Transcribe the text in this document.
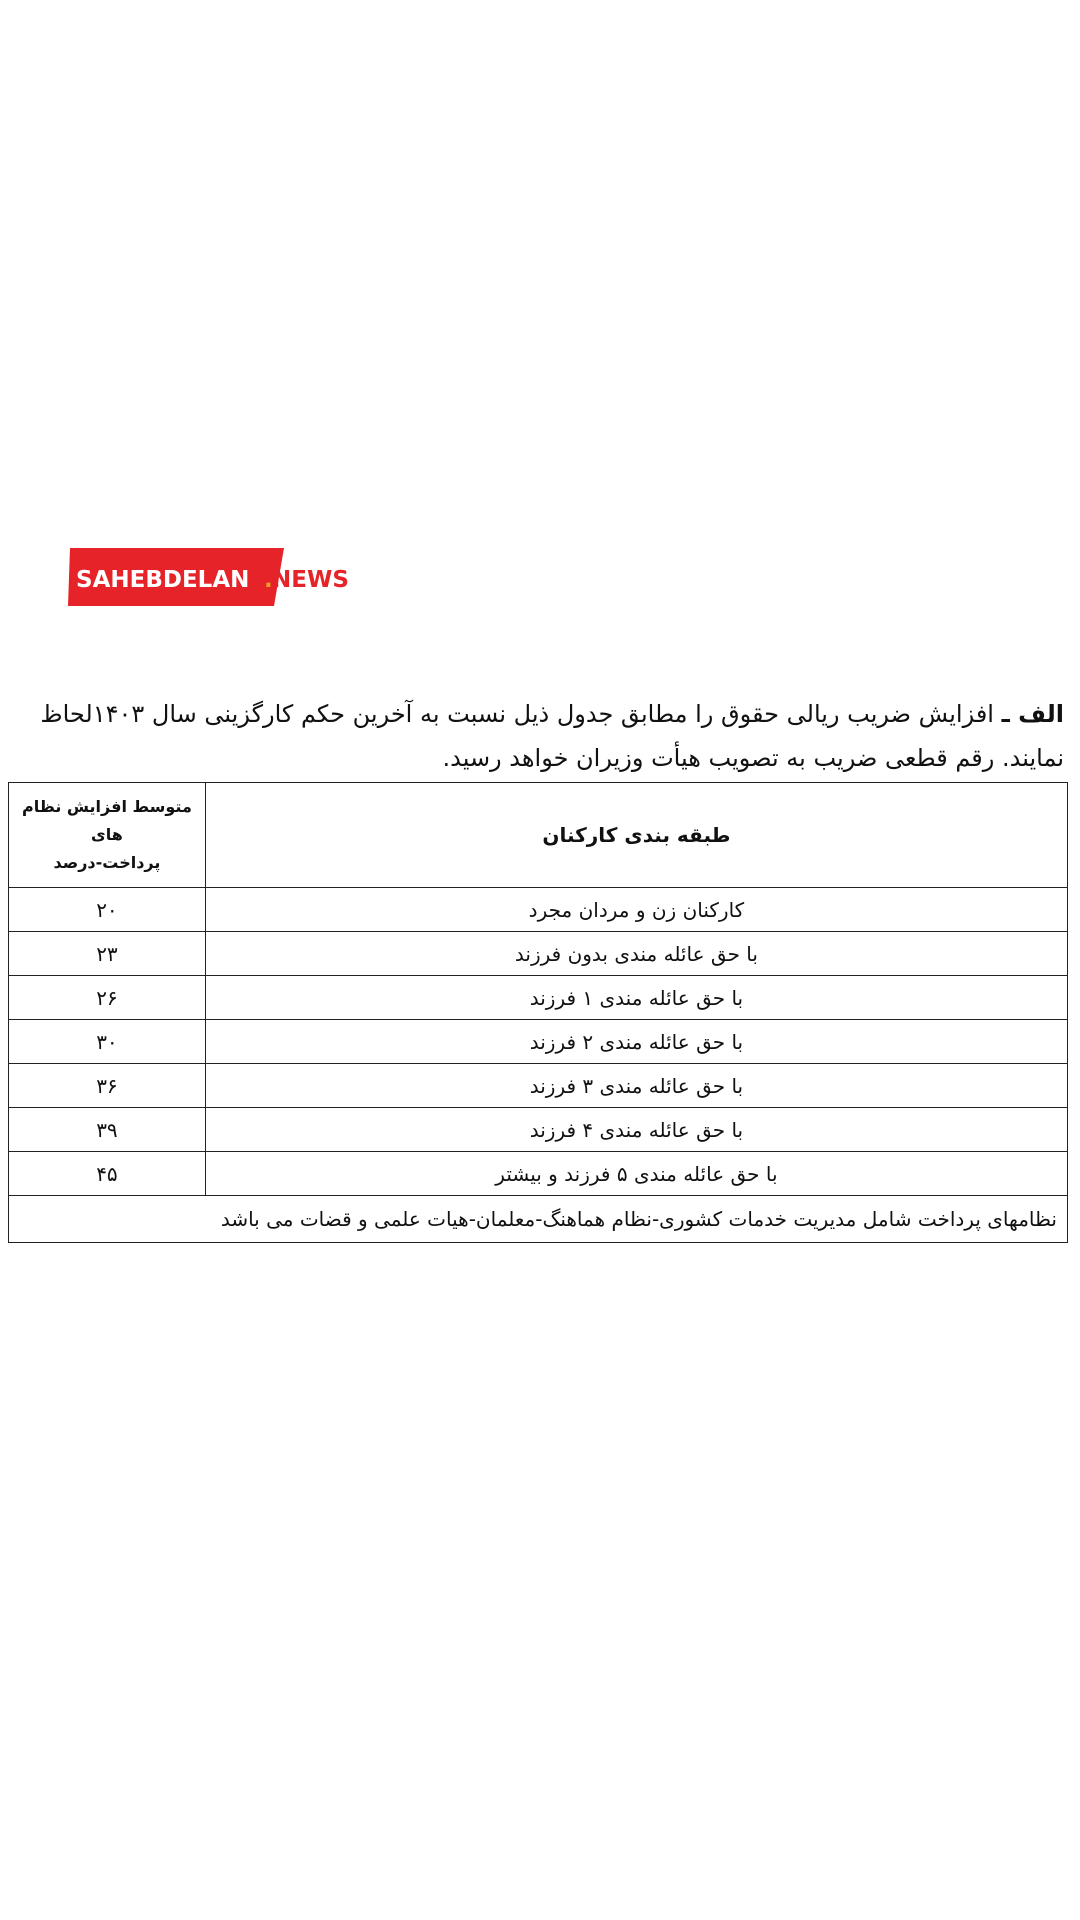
SAHEBDELAN . NEWS
الف ـ افزایش ضریب ریالی حقوق را مطابق جدول ذیل نسبت به آخرین حکم کارگزینی سال ۱۴۰۳لحاظ نمایند. رقم قطعی ضریب به تصویب هیأت وزیران خواهد رسید.
طبقه بندی کارکنان	متوسط افزایش نظام های
پرداخت-درصد

کارکنان زن و مردان مجرد	۲۰
با حق عائله مندی بدون فرزند	۲۳
با حق عائله مندی ۱ فرزند	۲۶
با حق عائله مندی ۲ فرزند	۳۰
با حق عائله مندی ۳ فرزند	۳۶
با حق عائله مندی ۴ فرزند	۳۹
با حق عائله مندی ۵ فرزند و بیشتر	۴۵
نظامهای پرداخت شامل مدیریت خدمات کشوری-نظام هماهنگ-معلمان-هیات علمی و قضات می باشد	
